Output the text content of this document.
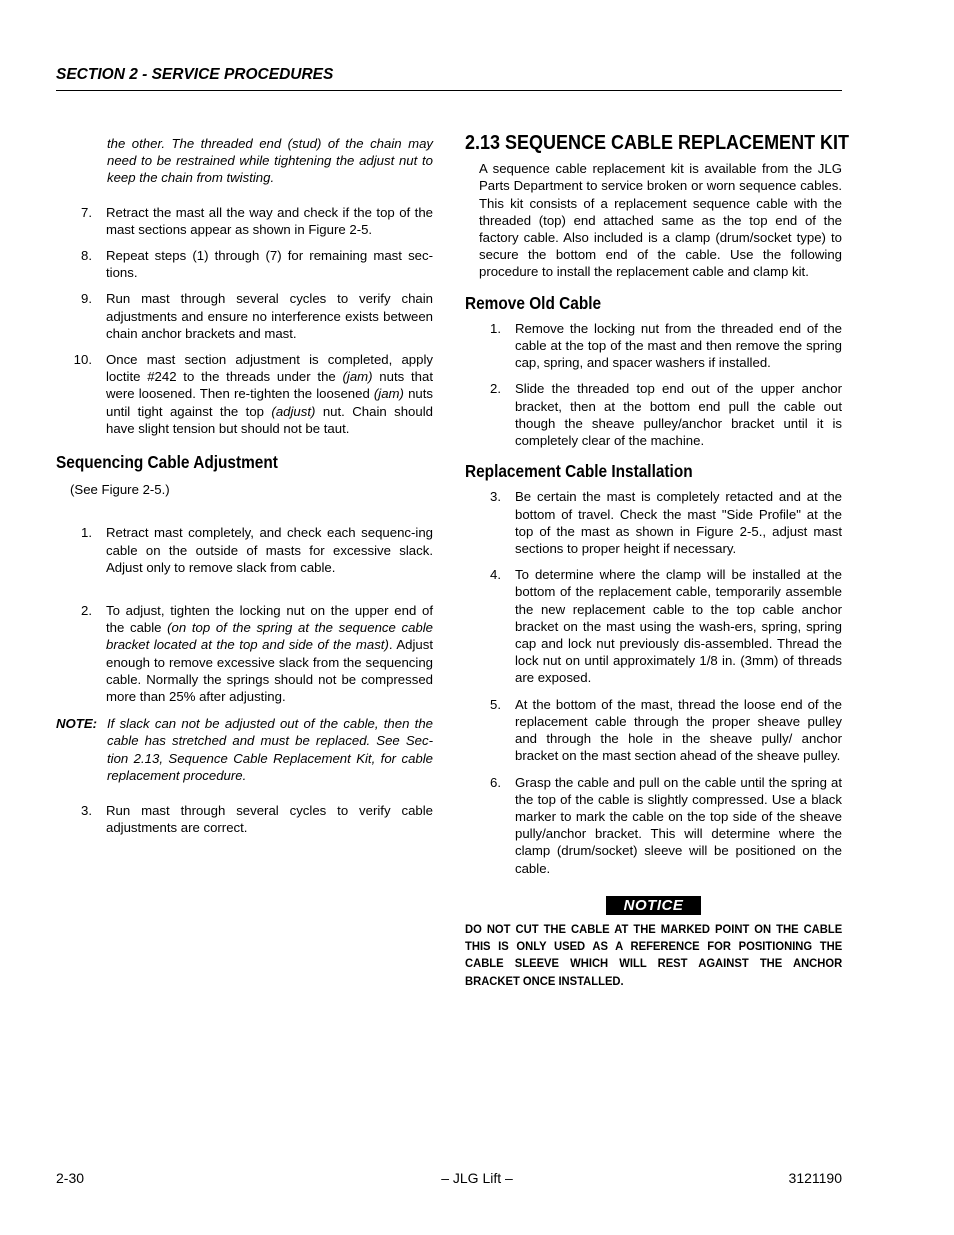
SECTION 2 - SERVICE PROCEDURES
the other. The threaded end (stud) of the chain may need to be restrained while tightening the adjust nut to keep the chain from twisting.
7. Retract the mast all the way and check if the top of the mast sections appear as shown in Figure 2-5.
8. Repeat steps (1) through (7) for remaining mast sec-tions.
9. Run mast through several cycles to verify chain adjustments and ensure no interference exists between chain anchor brackets and mast.
10. Once mast section adjustment is completed, apply loctite #242 to the threads under the (jam) nuts that were loosened. Then re-tighten the loosened (jam) nuts until tight against the top (adjust) nut. Chain should have slight tension but should not be taut.
Sequencing Cable Adjustment
(See Figure 2-5.)
1. Retract mast completely, and check each sequenc-ing cable on the outside of masts for excessive slack. Adjust only to remove slack from cable.
2. To adjust, tighten the locking nut on the upper end of the cable (on top of the spring at the sequence cable bracket located at the top and side of the mast). Adjust enough to remove excessive slack from the sequencing cable. Normally the springs should not be compressed more than 25% after adjusting.
NOTE: If slack can not be adjusted out of the cable, then the cable has stretched and must be replaced. See Sec-tion 2.13, Sequence Cable Replacement Kit, for cable replacement procedure.
3. Run mast through several cycles to verify cable adjustments are correct.
2.13 SEQUENCE CABLE REPLACEMENT KIT
A sequence cable replacement kit is available from the JLG Parts Department to service broken or worn sequence cables. This kit consists of a replacement sequence cable with the threaded (top) end attached same as the top end of the factory cable. Also included is a clamp (drum/socket type) to secure the bottom end of the cable. Use the following procedure to install the replacement cable and clamp kit.
Remove Old Cable
1. Remove the locking nut from the threaded end of the cable at the top of the mast and then remove the spring cap, spring, and spacer washers if installed.
2. Slide the threaded top end out of the upper anchor bracket, then at the bottom end pull the cable out though the sheave pulley/anchor bracket until it is completely clear of the machine.
Replacement Cable Installation
3. Be certain the mast is completely retacted and at the bottom of travel. Check the mast "Side Profile" at the top of the mast as shown in Figure 2-5., adjust mast sections to proper height if necessary.
4. To determine where the clamp will be installed at the bottom of the replacement cable, temporarily assemble the new replacement cable to the top cable anchor bracket on the mast using the wash-ers, spring, spring cap and lock nut previously dis-assembled. Thread the lock nut on until approximately 1/8 in. (3mm) of threads are exposed.
5. At the bottom of the mast, thread the loose end of the replacement cable through the proper sheave pulley and through the hole in the sheave pully/ anchor bracket on the mast section ahead of the sheave pulley.
6. Grasp the cable and pull on the cable until the spring at the top of the cable is slightly compressed. Use a black marker to mark the cable on the top side of the sheave pully/anchor bracket. This will determine where the clamp (drum/socket) sleeve will be positioned on the cable.
NOTICE
DO NOT CUT THE CABLE AT THE MARKED POINT ON THE CABLE THIS IS ONLY USED AS A REFERENCE FOR POSITIONING THE CABLE SLEEVE WHICH WILL REST AGAINST THE ANCHOR BRACKET ONCE INSTALLED.
2-30	– JLG Lift –	3121190
